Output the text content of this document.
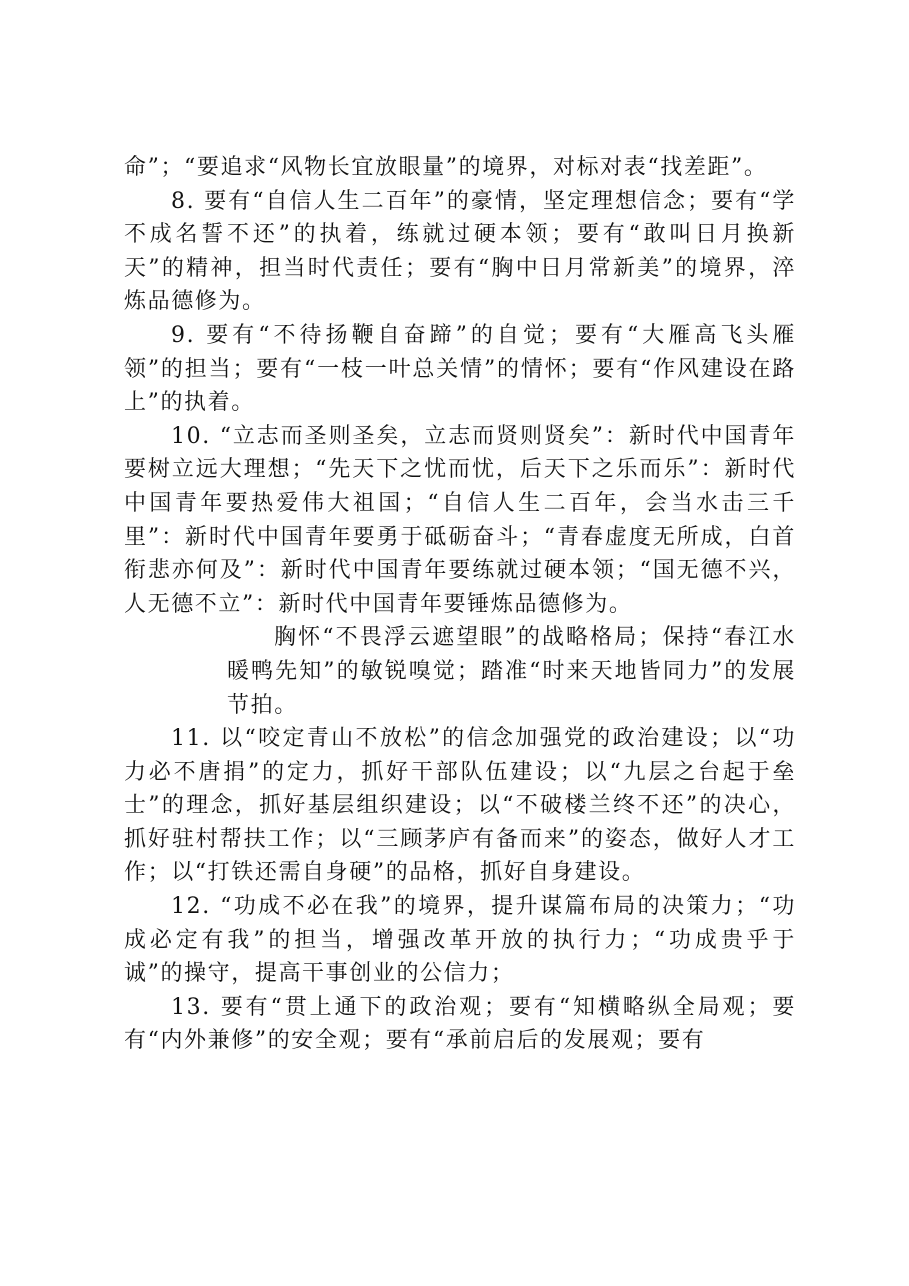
命”；“要追求“风物长宜放眼量”的境界，对标对表“找差距”。

8. 要有“自信人生二百年”的豪情，坚定理想信念；要有“学不成名誓不还”的执着，练就过硬本领；要有“敢叫日月换新天”的精神，担当时代责任；要有“胸中日月常新美”的境界，淬炼品德修为。

9. 要有“不待扬鞭自奋蹄”的自觉；要有“大雁高飞头雁领”的担当；要有“一枝一叶总关情”的情怀；要有“作风建设在路上”的执着。

10. “立志而圣则圣矣，立志而贤则贤矣”：新时代中国青年要树立远大理想；“先天下之忧而忧，后天下之乐而乐”：新时代中国青年要热爱伟大祖国；“自信人生二百年，会当水击三千里”：新时代中国青年要勇于砥砺奋斗；“青春虚度无所成，白首衔悲亦何及”：新时代中国青年要练就过硬本领；“国无德不兴，人无德不立”：新时代中国青年要锤炼品德修为。

胸怀“不畏浮云遮望眼”的战略格局；保持“春江水暖鸭先知”的敏锐嗅觉；踏准“时来天地皆同力”的发展节拍。

11. 以“咬定青山不放松”的信念加强党的政治建设；以“功力必不唐捐”的定力，抓好干部队伍建设；以“九层之台起于垒士”的理念，抓好基层组织建设；以“不破楼兰终不还”的决心，抓好驻村帮扶工作；以“三顾茅庐有备而来”的姿态，做好人才工作；以“打铁还需自身硬”的品格，抓好自身建设。

12. “功成不必在我”的境界，提升谋篇布局的决策力；“功成必定有我”的担当，增强改革开放的执行力；“功成贵乎于诚”的操守，提高干事创业的公信力；

13. 要有“贯上通下的政治观；要有“知横略纵全局观；要有“内外兼修”的安全观；要有“承前启后的发展观；要有
